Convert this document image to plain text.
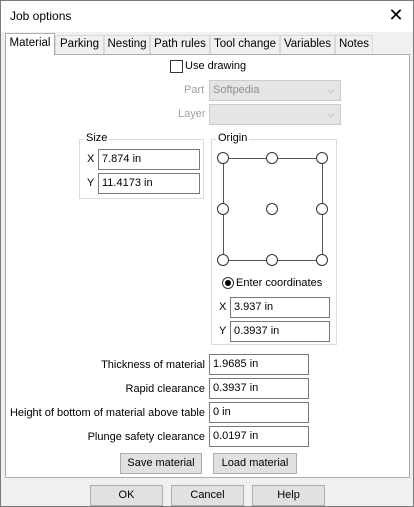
Job options	✕
Material Parking Nesting Path rules Tool change Variables Notes
Use drawing
Part Softpedia	⌵
Layer	⌵
Size
X 7.874 in
Y 11.4173 in
Origin
Enter coordinates
X 3.937 in
Y 0.3937 in
Thickness of material 1.9685 in
Rapid clearance 0.3937 in
Height of bottom of material above table 0 in
Plunge safety clearance 0.0197 in
Save material	Load material
OK	Cancel	Help
